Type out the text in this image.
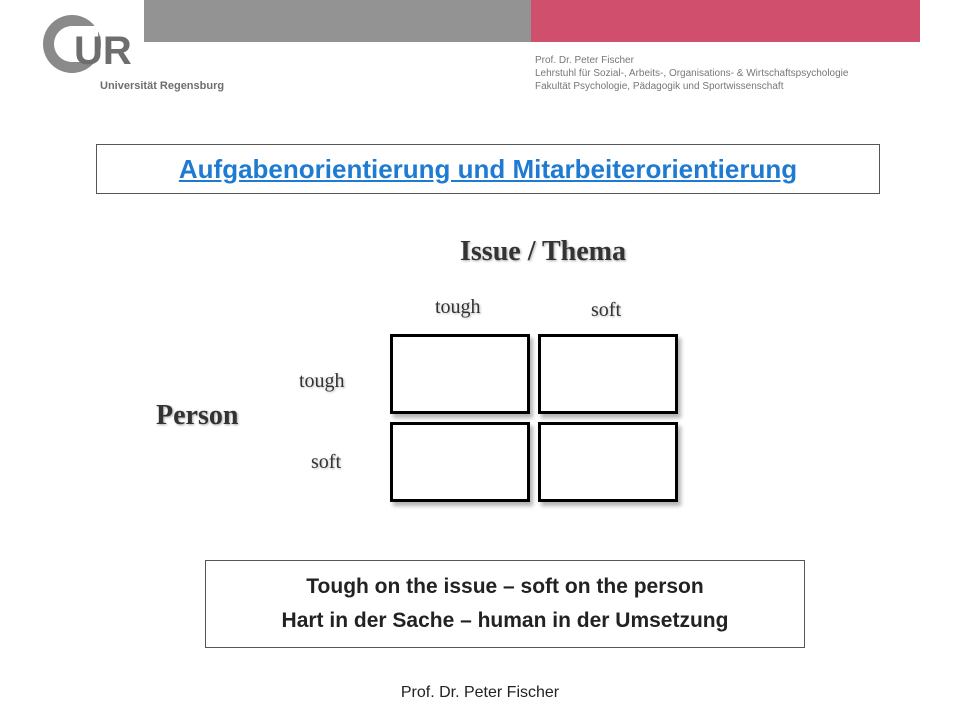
UR
Universität Regensburg
Prof. Dr. Peter Fischer
Lehrstuhl für Sozial-, Arbeits-, Organisations- & Wirtschaftspsychologie
Fakultät Psychologie, Pädagogik und Sportwissenschaft
Aufgabenorientierung und Mitarbeiterorientierung
Issue / Thema
tough	soft
tough
soft
Person
Tough on the issue – soft on the person
Hart in der Sache – human in der Umsetzung
Prof. Dr. Peter Fischer
